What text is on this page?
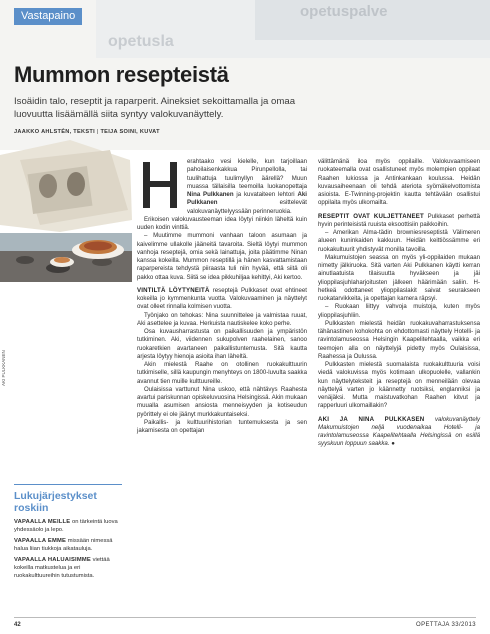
opetusla
opetuspalve
Vastapaino
Mummon resepteistä
Isoäidin talo, reseptit ja raparperit. Aineksiet sekoittamalla ja omaa luovuutta lisäämällä siita syntyy valokuvanäyttely.
JAAKKO AHLSTÉN, TEKSTI | TEIJA SOINI, KUVAT
AKI PULKKANEN
H	erahtaako vesi kielelle, kun tarjoillaan pahoilaisenkakkua Pirunpellolla, tai tuulihattuja tuulimyllyn äärellä? Muun muassa tällaisilla teemoilla luokanopettaja Nina Pulkkanen ja kuvataiteen lehtori Aki Pulkkanen	esittelevät valokuvanäyttelyyssään perinneruokia.

Erikoisen valokuvausteeman idea löytyi niinkin läheltä kuin uuden kodin vinttiä.

– Muutimme mummoni vanhaan taloon asumaan ja kaivelimme ullakolle jääneitä tavaroita. Sieltä löytyi mummon vanhoja reseptejä, omia sekä lainattuja, joita päätimme Ninan kanssa kokeilla. Mummon reseptillä ja hänen kasvattamistaan raparpereista tehdystä piiraasta tuli niin hyvää, että siitä oli pakko ottaa kuva. Siitä se idea pikkuhiljaa kehittyi, Aki kertoo.

VINTILTÄ LÖYTYNEITÄ reseptejä Pulkkaset ovat ehtineet kokeilla jo kymmenkunta vuotta. Valokuvaaminen ja näyttelyt ovat olleet rinnalla kolmisen vuotta.

Työnjako on tehokas: Nina suunnittelee ja valmistaa ruuat, Aki asettelee ja kuvaa. Herkuista nautiskelee koko perhe.

Osa kuvausharrastusta on paikallisuuden ja ympäristön tutkiminen. Aki, viidennen sukupolven raahelainen, sanoo ruokaretkien avartaneen paikallistuntemusta. Sitä kautta arjesta löytyy hienoja asioita ihan läheltä.

Akin mielestä Raahe on otollinen ruokakulttuurin tutkimiselle, sillä kaupungin menyhteys on 1800-luvulta saakka avannut tien muille kulttuureille.

Oulaisissa varttunut Nina uskoo, että nähtävys Raahesta avartui pariskunnan opiskeluvuosina Helsingissä. Akin mukaan muualla asumisen ansiosta menneisyyden ja kotiseudun pyörittely ei ole jäänyt murkkakuntaiseksi.

Paikallis- ja kulttuurihistorian tuntemuksesta ja sen jakamisesta on opettajan

välittämänä iloa myös oppilaille. Valokuvaamiseen ruokateemalla ovat osallistuneet myös molempien oppilaat Raahen lukiossa ja Antinkankaan koulussa. Heidän kuvausaiheenaan oli tehdä ateriota syömäkelvottomista asioista. E-Twinning-projektin kautta tehtävään osallistui oppilaita myös ulkomailta.

RESEPTIT OVAT KULJETTANEET Pulkkaset perhettä hyvin perinteisistä ruuista eksoottisiin paikkoihin.

– Amerikan Alma-tädin browniesreseptistä Välimeren alueen kuninkaiden kakkuun. Heidän keittiössämme eri ruokakultuurit yhdistyvät monilla tavoilla.

Makumuistojen seassa on myös yli-oppilaiden mukaan nimetty jälkiruoka. Sitä varten Aki Pulkkanen käytti kerran ainutlaatuista tilaisuutta hyväkseen ja jäi ylioppilasjuhlaharjoitusten jälkeen häärimään saliin. H-hetkeä odottaneet ylioppilaslakit saivat seurakseen ruokatarvikkeita, ja opettajan kamera räpsyi.

– Ruokaan liittyy vahvoja muistoja, kuten myös ylioppilasjuhliin.

Pulkkasten mielestä heidän ruokakuvaharrastuksensa tähänastinen kohokohta on ehdottomasti näyttely Hotelli- ja ravintolamuseossa Helsingin Kaapelitehtaalla, vaikka eri teemojen alla on näyttelyjä pidetty myös Oulaisissa, Raahessa ja Oulussa.

Pulkkasten mielestä suomalaista ruokakulttuuria voisi viedä valokuvissa myös kotimaan ulkopuolelle, vallankin kun näyttelyteksteit ja reseptejä on menneilään olevaa näyttelyä varten jo käännetty ruotsiksi, englanniksi ja venäjäksi. Mutta maistuvatkohan Raahen kitvut ja rapperluuri ulkomaillakin?

AKI JA NINA PULKKASEN valokuvanäyttely Makumuistojen neljä vuodenaikaa Hotelli- ja ravintolamuseossa Kaapelitehtaalla Helsingissä on esillä syyskuun loppuun saakka. ●

Lukujärjestykset
roskiin

VAPAALLA MEILLE on tärkeintä luova yhdessäolo ja lepo.

VAPAALLA EMME missään nimessä halua liian tiukkoja aikatauluja.

VAPAALLA HALUAISIMME viettää kokeilla matkusteluа ja eri ruokakulttuureihin tutustumista.

42	OPETTAJA 33/2013
